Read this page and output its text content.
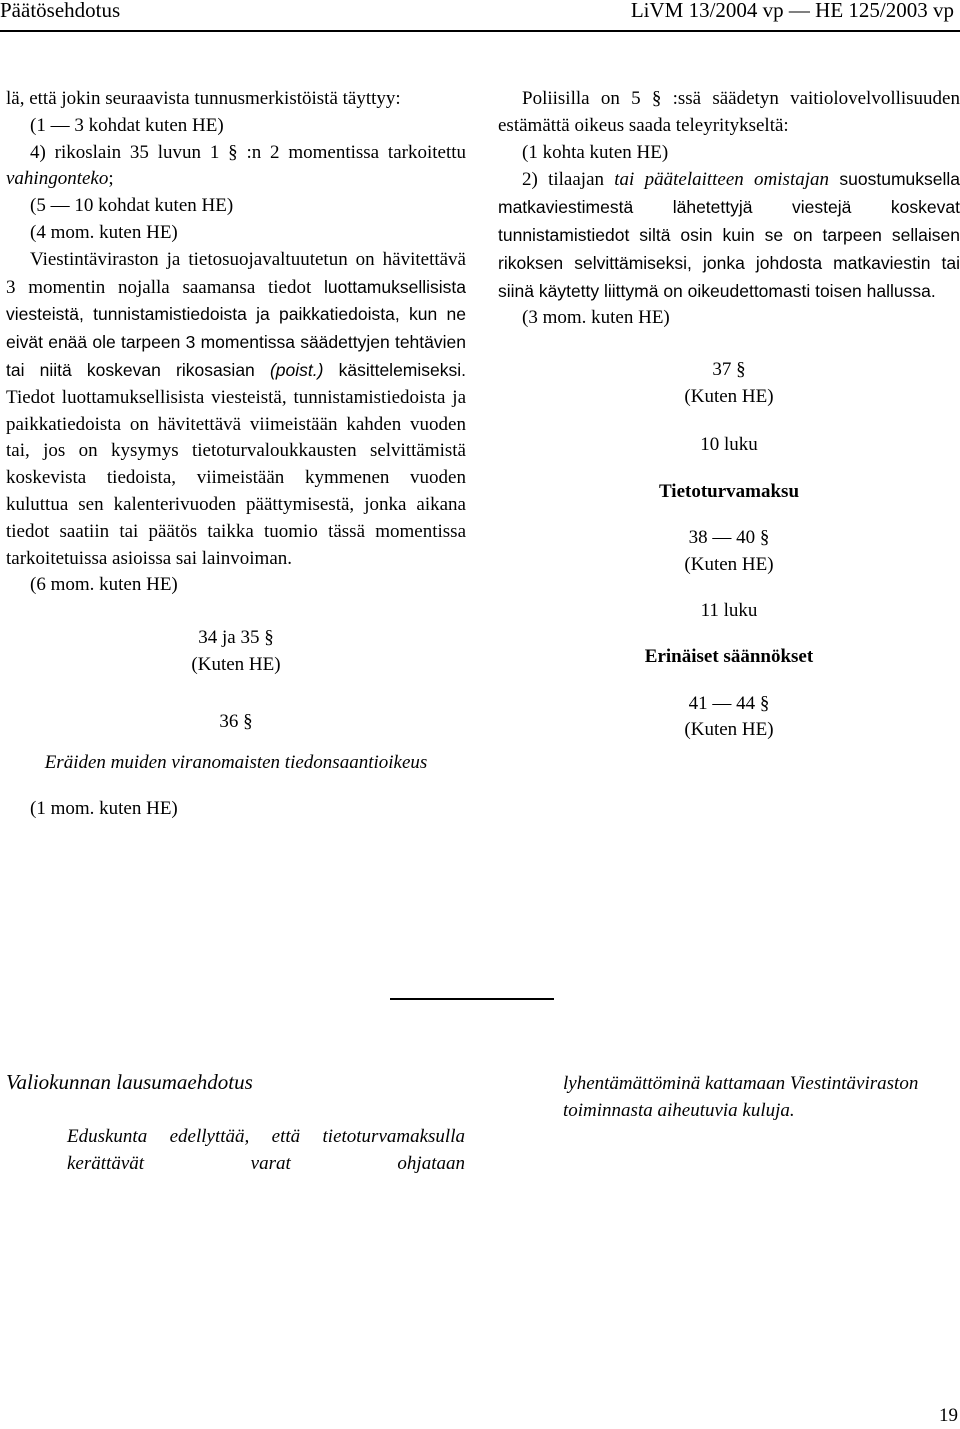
Päätösehdotus	LiVM 13/2004 vp — HE 125/2003 vp

lä, että jokin seuraavista tunnusmerkistöistä täyttyy:

(1 — 3 kohdat kuten HE)

4) rikoslain 35 luvun 1 § :n 2 momentissa tarkoitettu vahingonteko;

(5 — 10 kohdat kuten HE)

(4 mom. kuten HE)

Viestintäviraston ja tietosuojavaltuutetun on hävitettävä 3 momentin nojalla saamansa tiedot luottamuksellisista viesteistä, tunnistamistiedoista ja paikkatiedoista, kun ne eivät enää ole tarpeen 3 momentissa säädettyjen tehtävien tai niitä koskevan rikosasian (poist.) käsittelemiseksi. Tiedot luottamuksellisista viesteistä, tunnistamistiedoista ja paikkatiedoista on hävitettävä viimeistään kahden vuoden tai, jos on kysymys tietoturvaloukkausten selvittämistä koskevista tiedoista, viimeistään kymmenen vuoden kuluttua sen kalenterivuoden päättymisestä, jonka aikana tiedot saatiin tai päätös taikka tuomio tässä momentissa tarkoitetuissa asioissa sai lainvoiman.

(6 mom. kuten HE)

34 ja 35 §

(Kuten HE)

36 §

Eräiden muiden viranomaisten tiedonsaantioikeus

(1 mom. kuten HE)

Poliisilla on 5 § :ssä säädetyn vaitiolovelvollisuuden estämättä oikeus saada teleyritykseltä:

(1 kohta kuten HE)

2) tilaajan tai päätelaitteen omistajan suostumuksella matkaviestimestä lähetettyjä viestejä koskevat tunnistamistiedot siltä osin kuin se on tarpeen sellaisen rikoksen selvittämiseksi, jonka johdosta matkaviestin tai siinä käytetty liittymä on oikeudettomasti toisen hallussa.

(3 mom. kuten HE)

37 §

(Kuten HE)

10 luku

Tietoturvamaksu

38 — 40 §

(Kuten HE)

11 luku

Erinäiset säännökset

41 — 44 §

(Kuten HE)

Valiokunnan lausumaehdotus
Eduskunta edellyttää, että tietoturvamaksulla kerättävät varat ohjataan
lyhentämättöminä kattamaan Viestintäviraston toiminnasta aiheutuvia kuluja.
19
